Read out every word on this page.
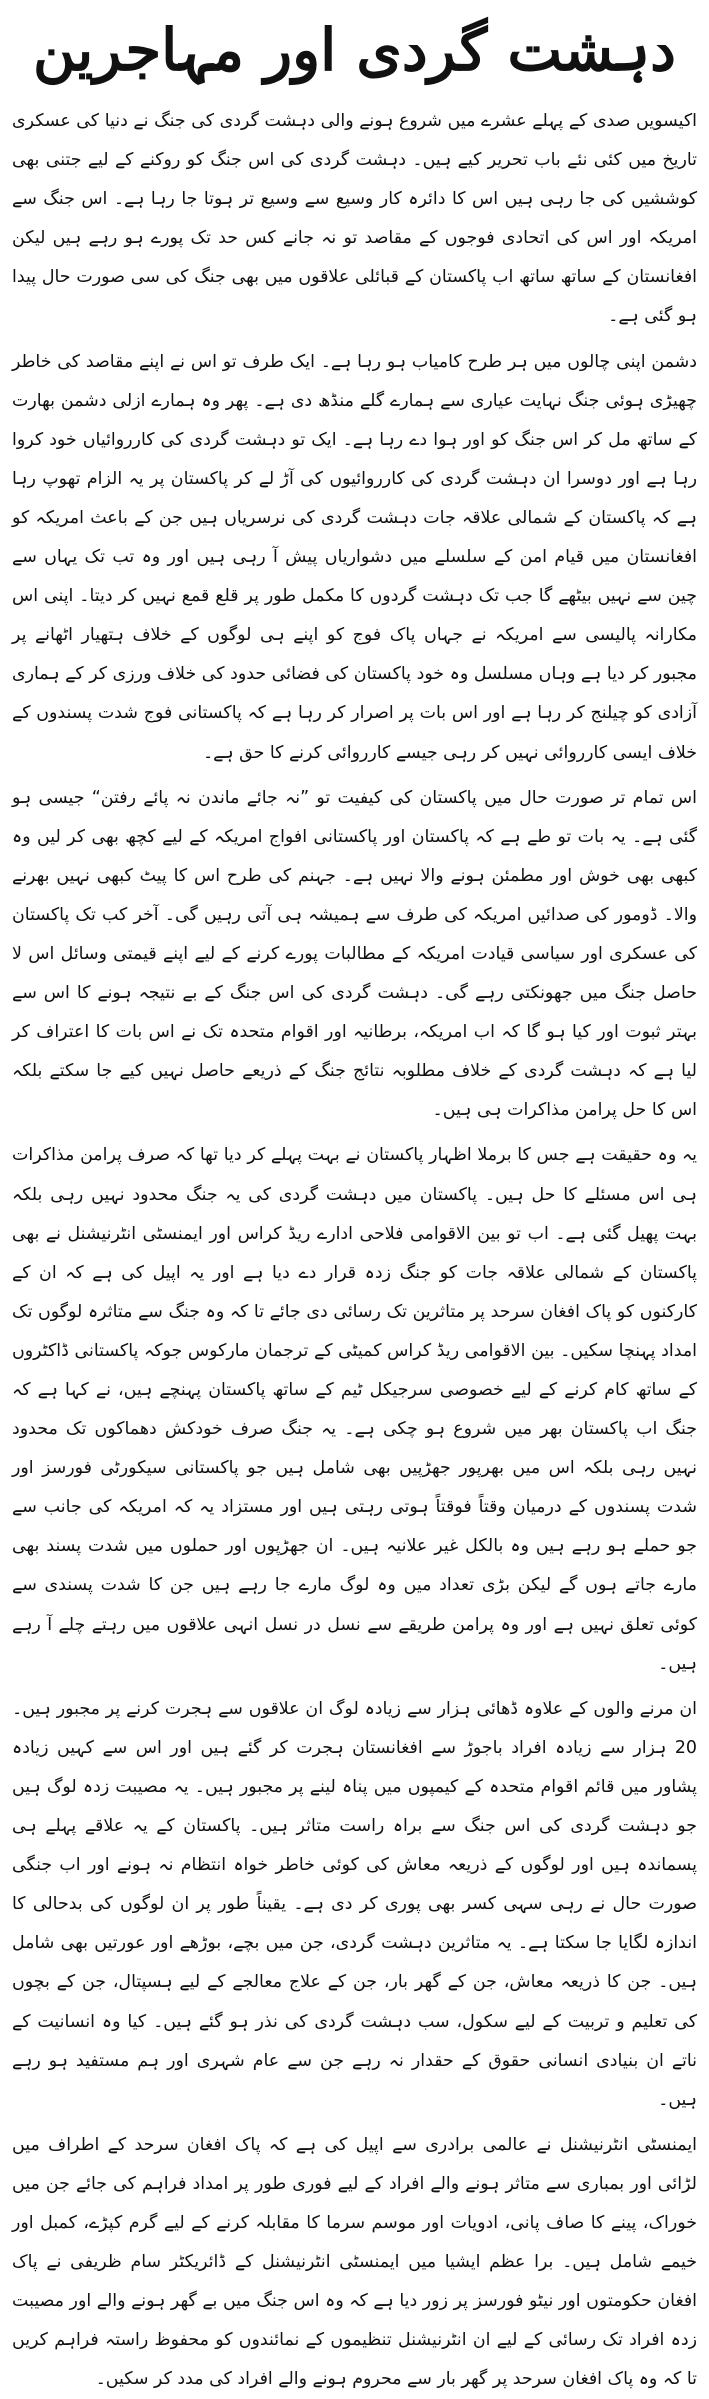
دہشت گردی اور مہاجرین

اکیسویں صدی کے پہلے عشرے میں شروع ہونے والی دہشت گردی کی جنگ نے دنیا کی عسکری تاریخ میں کئی نئے باب تحریر کیے ہیں۔ دہشت گردی کی اس جنگ کو روکنے کے لیے جتنی بھی کوششیں کی جا رہی ہیں اس کا دائرہ کار وسیع سے وسیع تر ہوتا جا رہا ہے۔ اس جنگ سے امریکہ اور اس کی اتحادی فوجوں کے مقاصد تو نہ جانے کس حد تک پورے ہو رہے ہیں لیکن افغانستان کے ساتھ ساتھ اب پاکستان کے قبائلی علاقوں میں بھی جنگ کی سی صورت حال پیدا ہو گئی ہے۔

دشمن اپنی چالوں میں ہر طرح کامیاب ہو رہا ہے۔ ایک طرف تو اس نے اپنے مقاصد کی خاطر چھیڑی ہوئی جنگ نہایت عیاری سے ہمارے گلے منڈھ دی ہے۔ پھر وہ ہمارے ازلی دشمن بھارت کے ساتھ مل کر اس جنگ کو اور ہوا دے رہا ہے۔ ایک تو دہشت گردی کی کارروائیاں خود کروا رہا ہے اور دوسرا ان دہشت گردی کی کارروائیوں کی آڑ لے کر پاکستان پر یہ الزام تھوپ رہا ہے کہ پاکستان کے شمالی علاقہ جات دہشت گردی کی نرسریاں ہیں جن کے باعث امریکہ کو افغانستان میں قیام امن کے سلسلے میں دشواریاں پیش آ رہی ہیں اور وہ تب تک یہاں سے چین سے نہیں بیٹھے گا جب تک دہشت گردوں کا مکمل طور پر قلع قمع نہیں کر دیتا۔ اپنی اس مکارانہ پالیسی سے امریکہ نے جہاں پاک فوج کو اپنے ہی لوگوں کے خلاف ہتھیار اٹھانے پر مجبور کر دیا ہے وہاں مسلسل وہ خود پاکستان کی فضائی حدود کی خلاف ورزی کر کے ہماری آزادی کو چیلنج کر رہا ہے اور اس بات پر اصرار کر رہا ہے کہ پاکستانی فوج شدت پسندوں کے خلاف ایسی کارروائی نہیں کر رہی جیسے کارروائی کرنے کا حق ہے۔

اس تمام تر صورت حال میں پاکستان کی کیفیت تو ”نہ جائے ماندن نہ پائے رفتن“ جیسی ہو گئی ہے۔ یہ بات تو طے ہے کہ پاکستان اور پاکستانی افواج امریکہ کے لیے کچھ بھی کر لیں وہ کبھی بھی خوش اور مطمئن ہونے والا نہیں ہے۔ جہنم کی طرح اس کا پیٹ کبھی نہیں بھرنے والا۔ ڈومور کی صدائیں امریکہ کی طرف سے ہمیشہ ہی آتی رہیں گی۔ آخر کب تک پاکستان کی عسکری اور سیاسی قیادت امریکہ کے مطالبات پورے کرنے کے لیے اپنے قیمتی وسائل اس لا حاصل جنگ میں جھونکتی رہے گی۔ دہشت گردی کی اس جنگ کے بے نتیجہ ہونے کا اس سے بہتر ثبوت اور کیا ہو گا کہ اب امریکہ، برطانیہ اور اقوام متحدہ تک نے اس بات کا اعتراف کر لیا ہے کہ دہشت گردی کے خلاف مطلوبہ نتائج جنگ کے ذریعے حاصل نہیں کیے جا سکتے بلکہ اس کا حل پرامن مذاکرات ہی ہیں۔

یہ وہ حقیقت ہے جس کا برملا اظہار پاکستان نے بہت پہلے کر دیا تھا کہ صرف پرامن مذاکرات ہی اس مسئلے کا حل ہیں۔ پاکستان میں دہشت گردی کی یہ جنگ محدود نہیں رہی بلکہ بہت پھیل گئی ہے۔ اب تو بین الاقوامی فلاحی ادارے ریڈ کراس اور ایمنسٹی انٹرنیشنل نے بھی پاکستان کے شمالی علاقہ جات کو جنگ زدہ قرار دے دیا ہے اور یہ اپیل کی ہے کہ ان کے کارکنوں کو پاک افغان سرحد پر متاثرین تک رسائی دی جائے تا کہ وہ جنگ سے متاثرہ لوگوں تک امداد پہنچا سکیں۔ بین الاقوامی ریڈ کراس کمیٹی کے ترجمان مارکوس جوکہ پاکستانی ڈاکٹروں کے ساتھ کام کرنے کے لیے خصوصی سرجیکل ٹیم کے ساتھ پاکستان پہنچے ہیں، نے کہا ہے کہ جنگ اب پاکستان بھر میں شروع ہو چکی ہے۔ یہ جنگ صرف خودکش دھماکوں تک محدود نہیں رہی بلکہ اس میں بھرپور جھڑپیں بھی شامل ہیں جو پاکستانی سیکورٹی فورسز اور شدت پسندوں کے درمیان وقتاً فوقتاً ہوتی رہتی ہیں اور مستزاد یہ کہ امریکہ کی جانب سے جو حملے ہو رہے ہیں وہ بالکل غیر علانیہ ہیں۔ ان جھڑپوں اور حملوں میں شدت پسند بھی مارے جاتے ہوں گے لیکن بڑی تعداد میں وہ لوگ مارے جا رہے ہیں جن کا شدت پسندی سے کوئی تعلق نہیں ہے اور وہ پرامن طریقے سے نسل در نسل انہی علاقوں میں رہتے چلے آ رہے ہیں۔

ان مرنے والوں کے علاوہ ڈھائی ہزار سے زیادہ لوگ ان علاقوں سے ہجرت کرنے پر مجبور ہیں۔ 20 ہزار سے زیادہ افراد باجوڑ سے افغانستان ہجرت کر گئے ہیں اور اس سے کہیں زیادہ پشاور میں قائم اقوام متحدہ کے کیمپوں میں پناہ لینے پر مجبور ہیں۔ یہ مصیبت زدہ لوگ ہیں جو دہشت گردی کی اس جنگ سے براہ راست متاثر ہیں۔ پاکستان کے یہ علاقے پہلے ہی پسماندہ ہیں اور لوگوں کے ذریعہ معاش کی کوئی خاطر خواہ انتظام نہ ہونے اور اب جنگی صورت حال نے رہی سہی کسر بھی پوری کر دی ہے۔ یقیناً طور پر ان لوگوں کی بدحالی کا اندازہ لگایا جا سکتا ہے۔ یہ متاثرین دہشت گردی، جن میں بچے، بوڑھے اور عورتیں بھی شامل ہیں۔ جن کا ذریعہ معاش، جن کے گھر بار، جن کے علاج معالجے کے لیے ہسپتال، جن کے بچوں کی تعلیم و تربیت کے لیے سکول، سب دہشت گردی کی نذر ہو گئے ہیں۔ کیا وہ انسانیت کے ناتے ان بنیادی انسانی حقوق کے حقدار نہ رہے جن سے عام شہری اور ہم مستفید ہو رہے ہیں۔

ایمنسٹی انٹرنیشنل نے عالمی برادری سے اپیل کی ہے کہ پاک افغان سرحد کے اطراف میں لڑائی اور بمباری سے متاثر ہونے والے افراد کے لیے فوری طور پر امداد فراہم کی جائے جن میں خوراک، پینے کا صاف پانی، ادویات اور موسم سرما کا مقابلہ کرنے کے لیے گرم کپڑے، کمبل اور خیمے شامل ہیں۔ برا عظم ایشیا میں ایمنسٹی انٹرنیشنل کے ڈائریکٹر سام ظریفی نے پاک افغان حکومتوں اور نیٹو فورسز پر زور دیا ہے کہ وہ اس جنگ میں بے گھر ہونے والے اور مصیبت زدہ افراد تک رسائی کے لیے ان انٹرنیشنل تنظیموں کے نمائندوں کو محفوظ راستہ فراہم کریں تا کہ وہ پاک افغان سرحد پر گھر بار سے محروم ہونے والے افراد کی مدد کر سکیں۔
